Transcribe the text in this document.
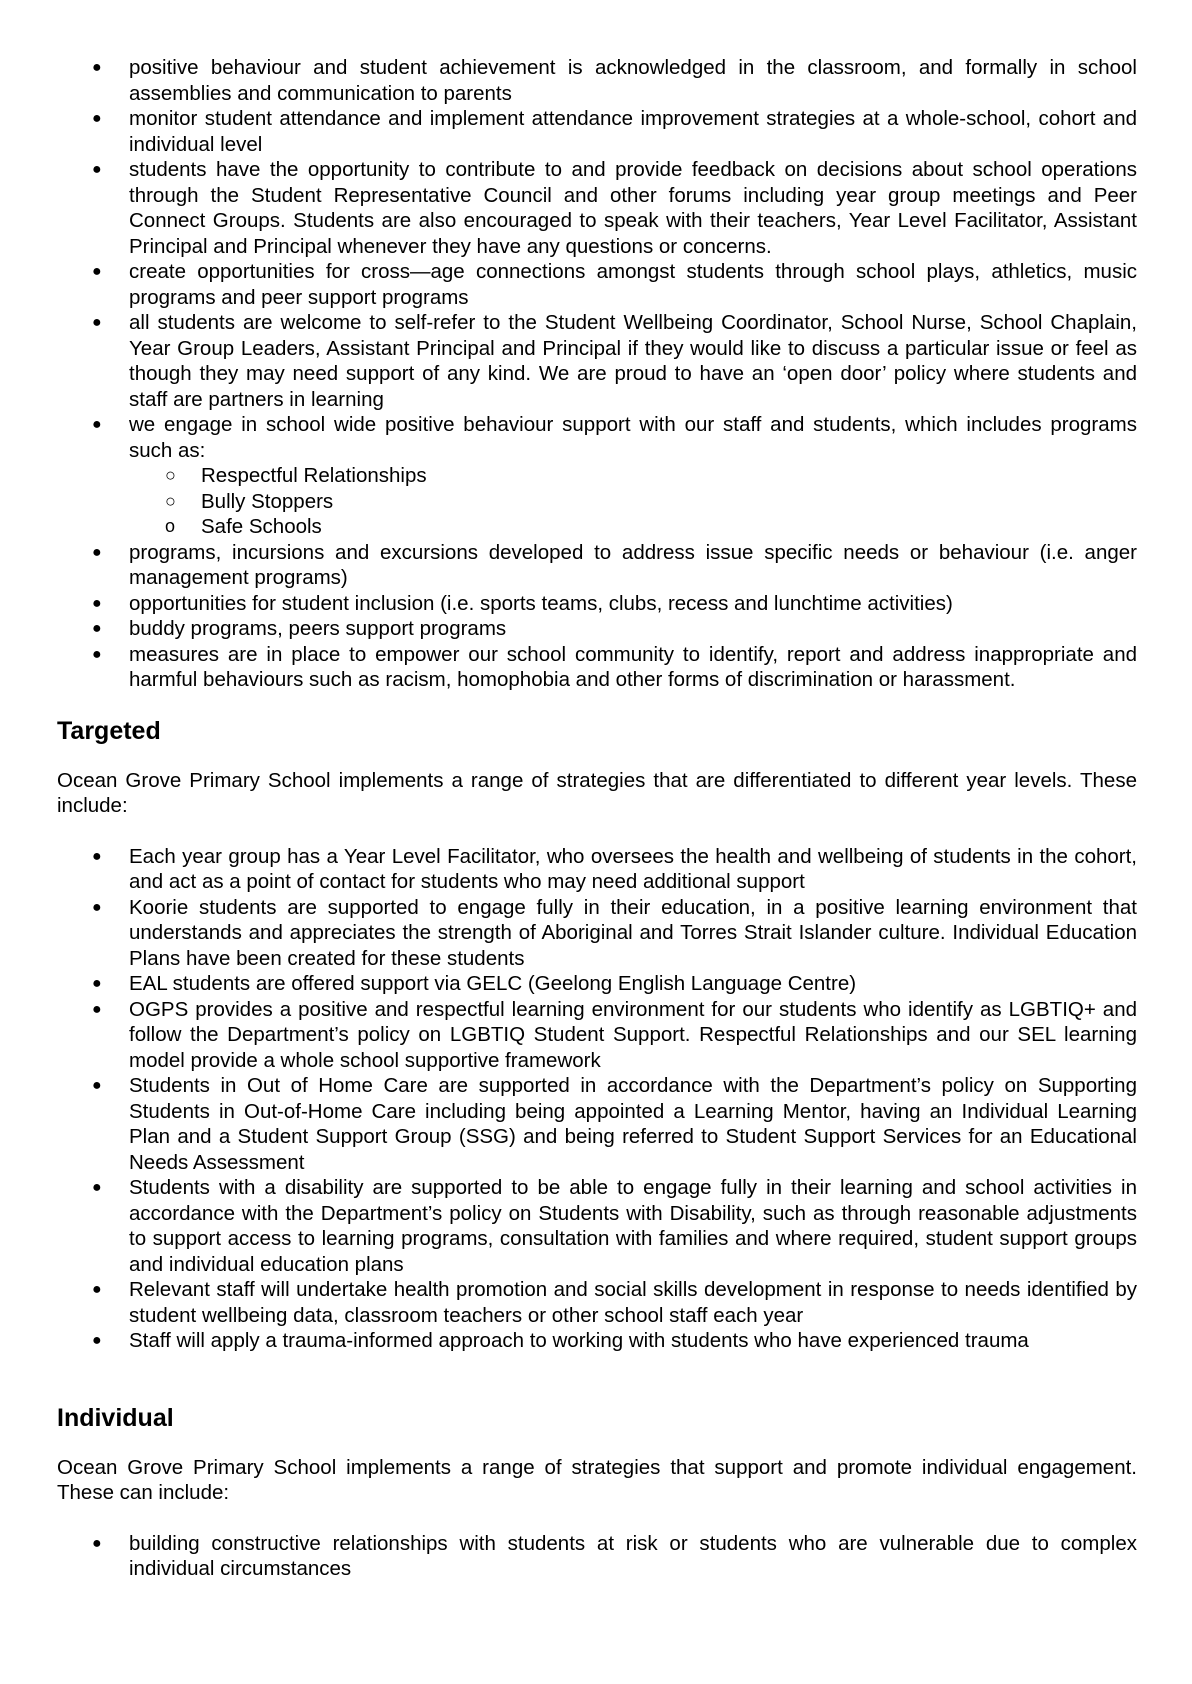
● positive behaviour and student achievement is acknowledged in the classroom, and formally in school assemblies and communication to parents
● monitor student attendance and implement attendance improvement strategies at a whole-school, cohort and individual level
● students have the opportunity to contribute to and provide feedback on decisions about school operations through the Student Representative Council and other forums including year group meetings and Peer Connect Groups. Students are also encouraged to speak with their teachers, Year Level Facilitator, Assistant Principal and Principal whenever they have any questions or concerns.
● create opportunities for cross—age connections amongst students through school plays, athletics, music programs and peer support programs
● all students are welcome to self-refer to the Student Wellbeing Coordinator, School Nurse, School Chaplain, Year Group Leaders, Assistant Principal and Principal if they would like to discuss a particular issue or feel as though they may need support of any kind. We are proud to have an ‘open door’ policy where students and staff are partners in learning
● we engage in school wide positive behaviour support with our staff and students, which includes programs such as:
○ Respectful Relationships
○ Bully Stoppers
o Safe Schools
● programs, incursions and excursions developed to address issue specific needs or behaviour (i.e. anger management programs)
● opportunities for student inclusion (i.e. sports teams, clubs, recess and lunchtime activities)
● buddy programs, peers support programs
● measures are in place to empower our school community to identify, report and address inappropriate and harmful behaviours such as racism, homophobia and other forms of discrimination or harassment.
Targeted

Ocean Grove Primary School implements a range of strategies that are differentiated to different year levels. These include:

● Each year group has a Year Level Facilitator, who oversees the health and wellbeing of students in the cohort, and act as a point of contact for students who may need additional support
● Koorie students are supported to engage fully in their education, in a positive learning environment that understands and appreciates the strength of Aboriginal and Torres Strait Islander culture. Individual Education Plans have been created for these students
● EAL students are offered support via GELC (Geelong English Language Centre)
● OGPS provides a positive and respectful learning environment for our students who identify as LGBTIQ+ and follow the Department’s policy on LGBTIQ Student Support. Respectful Relationships and our SEL learning model provide a whole school supportive framework
● Students in Out of Home Care are supported in accordance with the Department’s policy on Supporting Students in Out-of-Home Care including being appointed a Learning Mentor, having an Individual Learning Plan and a Student Support Group (SSG) and being referred to Student Support Services for an Educational Needs Assessment
● Students with a disability are supported to be able to engage fully in their learning and school activities in accordance with the Department’s policy on Students with Disability, such as through reasonable adjustments to support access to learning programs, consultation with families and where required, student support groups and individual education plans
● Relevant staff will undertake health promotion and social skills development in response to needs identified by student wellbeing data, classroom teachers or other school staff each year
● Staff will apply a trauma-informed approach to working with students who have experienced trauma
Individual

Ocean Grove Primary School implements a range of strategies that support and promote individual engagement. These can include:

● building constructive relationships with students at risk or students who are vulnerable due to complex individual circumstances
